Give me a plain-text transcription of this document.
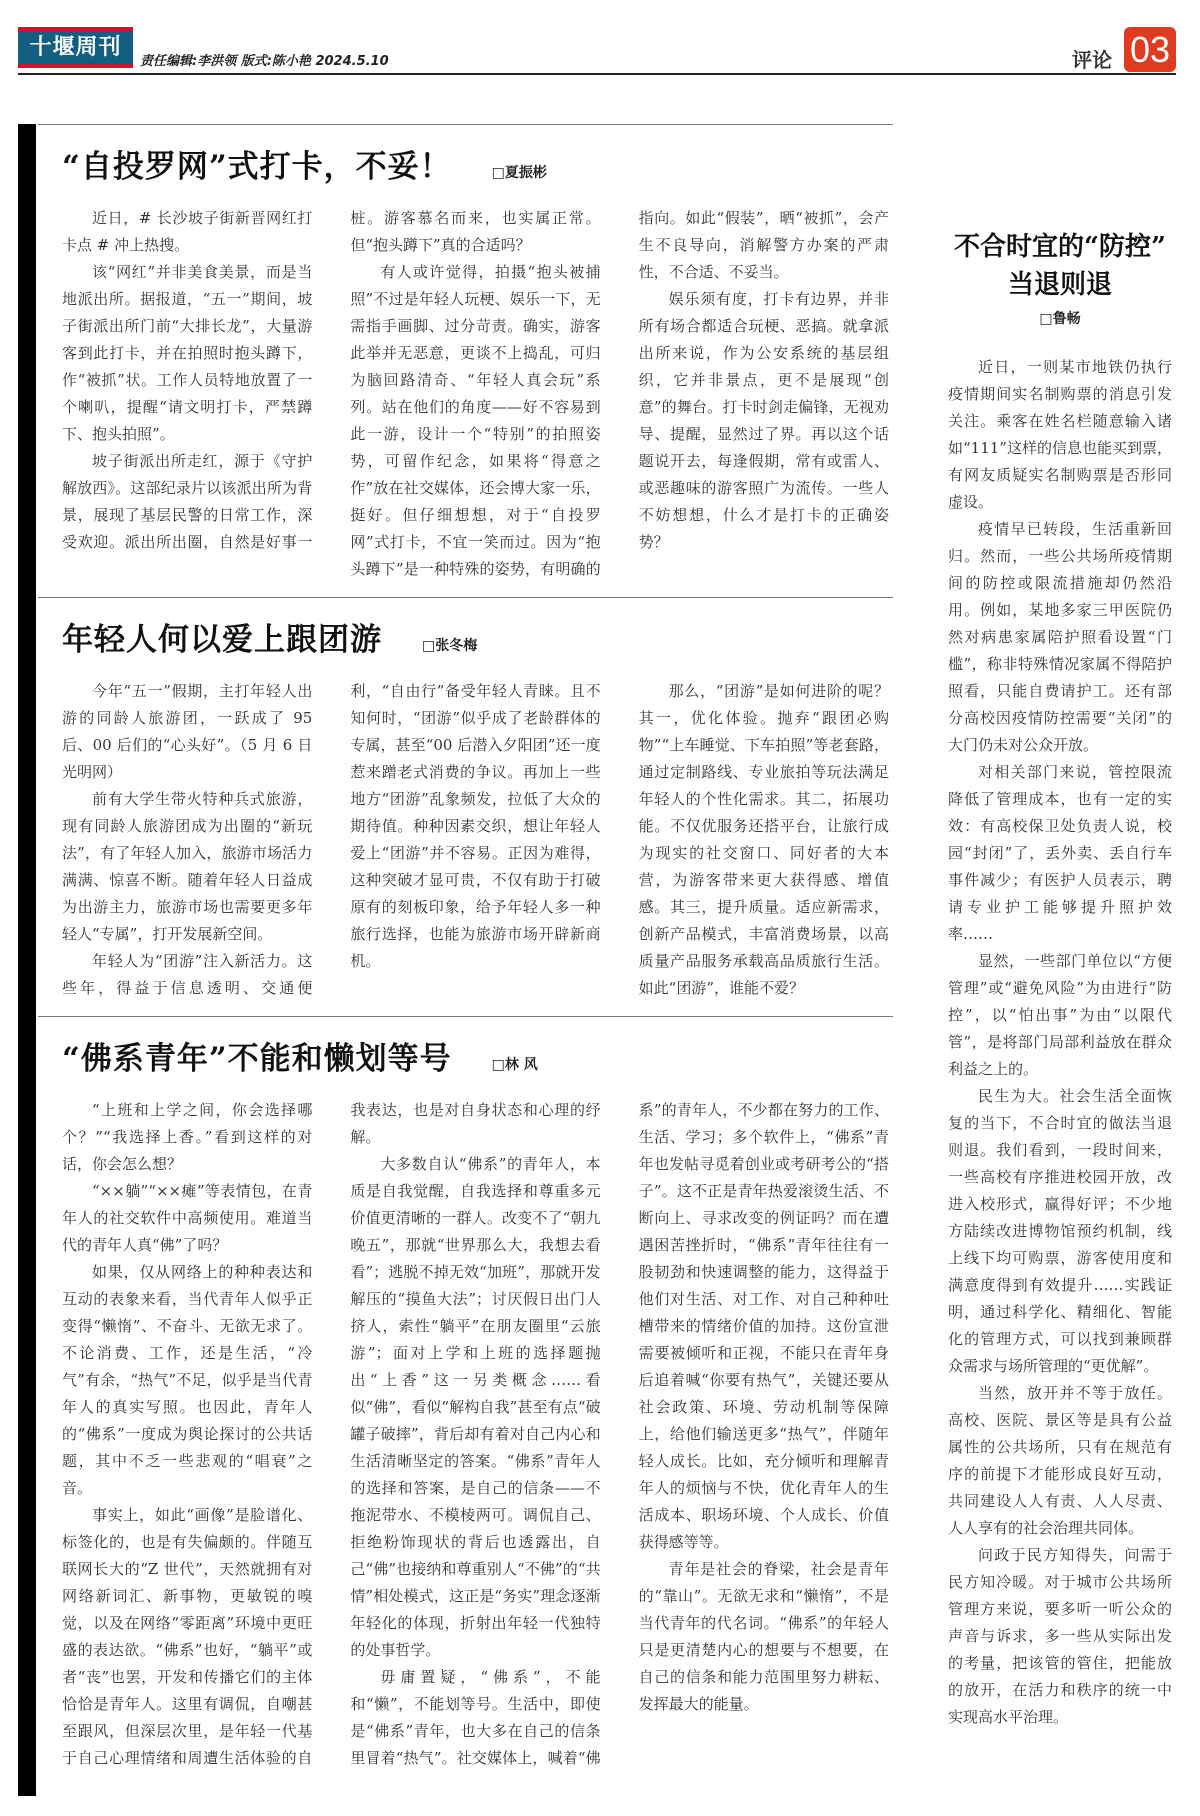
十堰周刊
责任编辑:李洪领 版式:陈小艳 2024.5.10	评论 03
“自投罗网”式打卡，不妥！	□夏振彬

近日，# 长沙坡子街新晋网红打卡点 # 冲上热搜。

该“网红”并非美食美景，而是当地派出所。据报道，“五一”期间，坡子街派出所门前“大排长龙”，大量游客到此打卡，并在拍照时抱头蹲下，作“被抓”状。工作人员特地放置了一个喇叭，提醒“请文明打卡，严禁蹲下、抱头拍照”。

坡子街派出所走红，源于《守护解放西》。这部纪录片以该派出所为背景，展现了基层民警的日常工作，深受欢迎。派出所出圈，自然是好事一桩。游客慕名而来，也实属正常。但“抱头蹲下”真的合适吗？

有人或许觉得，拍摄“抱头被捕照”不过是年轻人玩梗、娱乐一下，无需指手画脚、过分苛责。确实，游客此举并无恶意，更谈不上捣乱，可归为脑回路清奇、“年轻人真会玩”系列。站在他们的角度——好不容易到此一游，设计一个“特别”的拍照姿势，可留作纪念，如果将“得意之作”放在社交媒体，还会博大家一乐，挺好。但仔细想想，对于“自投罗网”式打卡，不宜一笑而过。因为“抱头蹲下”是一种特殊的姿势，有明确的指向。如此“假装”，晒“被抓”，会产生不良导向，消解警方办案的严肃性，不合适、不妥当。

娱乐须有度，打卡有边界，并非所有场合都适合玩梗、恶搞。就拿派出所来说，作为公安系统的基层组织，它并非景点，更不是展现“创意”的舞台。打卡时剑走偏锋，无视劝导、提醒，显然过了界。再以这个话题说开去，每逢假期，常有或雷人、或恶趣味的游客照广为流传。一些人不妨想想，什么才是打卡的正确姿势？

年轻人何以爱上跟团游	□张冬梅

今年“五一”假期，主打年轻人出游的同龄人旅游团，一跃成了 95 后、00 后们的“心头好”。（5 月 6 日光明网）

前有大学生带火特种兵式旅游，现有同龄人旅游团成为出圈的“新玩法”，有了年轻人加入，旅游市场活力满满、惊喜不断。随着年轻人日益成为出游主力，旅游市场也需要更多年轻人“专属”，打开发展新空间。

年轻人为“团游”注入新活力。这些年，得益于信息透明、交通便利，“自由行”备受年轻人青睐。且不知何时，“团游”似乎成了老龄群体的专属，甚至“00 后潜入夕阳团”还一度惹来蹭老式消费的争议。再加上一些地方“团游”乱象频发，拉低了大众的期待值。种种因素交织，想让年轻人爱上“团游”并不容易。正因为难得，这种突破才显可贵，不仅有助于打破原有的刻板印象，给予年轻人多一种旅行选择，也能为旅游市场开辟新商机。

那么，“团游”是如何进阶的呢？其一，优化体验。抛弃“跟团必购物”“上车睡觉、下车拍照”等老套路，通过定制路线、专业旅拍等玩法满足年轻人的个性化需求。其二，拓展功能。不仅优服务还搭平台，让旅行成为现实的社交窗口、同好者的大本营，为游客带来更大获得感、增值感。其三，提升质量。适应新需求，创新产品模式，丰富消费场景，以高质量产品服务承载高品质旅行生活。如此“团游”，谁能不爱？

“佛系青年”不能和懒划等号	□林 风

“上班和上学之间，你会选择哪个？”“我选择上香。”看到这样的对话，你会怎么想？

“××躺”“××瘫”等表情包，在青年人的社交软件中高频使用。难道当代的青年人真“佛”了吗？

如果，仅从网络上的种种表达和互动的表象来看，当代青年人似乎正变得“懒惰”、不奋斗、无欲无求了。不论消费、工作，还是生活，“冷气”有余，“热气”不足，似乎是当代青年人的真实写照。也因此，青年人的“佛系”一度成为舆论探讨的公共话题，其中不乏一些悲观的“唱衰”之音。

事实上，如此“画像”是脸谱化、标签化的，也是有失偏颇的。伴随互联网长大的“Z 世代”，天然就拥有对网络新词汇、新事物，更敏锐的嗅觉，以及在网络“零距离”环境中更旺盛的表达欲。“佛系”也好，“躺平”或者“丧”也罢，开发和传播它们的主体恰恰是青年人。这里有调侃，自嘲甚至跟风，但深层次里，是年轻一代基于自己心理情绪和周遭生活体验的自我表达，也是对自身状态和心理的纾解。

大多数自认“佛系”的青年人，本质是自我觉醒，自我选择和尊重多元价值更清晰的一群人。改变不了“朝九晚五”，那就“世界那么大，我想去看看”；逃脱不掉无效“加班”，那就开发解压的“摸鱼大法”；讨厌假日出门人挤人，索性“躺平”在朋友圈里“云旅游”；面对上学和上班的选择题抛出“上香”这一另类概念……看似“佛”，看似“解构自我”甚至有点“破罐子破摔”，背后却有着对自己内心和生活清晰坚定的答案。“佛系”青年人的选择和答案，是自己的信条——不拖泥带水、不模棱两可。调侃自己、拒绝粉饰现状的背后也透露出，自己“佛”也接纳和尊重别人“不佛”的“共情”相处模式，这正是“务实”理念逐渐年轻化的体现，折射出年轻一代独特的处事哲学。

毋庸置疑，“佛系”，不能和“懒”，不能划等号。生活中，即使是“佛系”青年，也大多在自己的信条里冒着“热气”。社交媒体上，喊着“佛系”的青年人，不少都在努力的工作、生活、学习；多个软件上，“佛系”青年也发帖寻觅着创业或考研考公的“搭子”。这不正是青年热爱滚烫生活、不断向上、寻求改变的例证吗？而在遭遇困苦挫折时，“佛系”青年往往有一股韧劲和快速调整的能力，这得益于他们对生活、对工作、对自己种种吐槽带来的情绪价值的加持。这份宣泄需要被倾听和正视，不能只在青年身后追着喊“你要有热气”，关键还要从社会政策、环境、劳动机制等保障上，给他们输送更多“热气”，伴随年轻人成长。比如，充分倾听和理解青年人的烦恼与不快，优化青年人的生活成本、职场环境、个人成长、价值获得感等等。

青年是社会的脊梁，社会是青年的“靠山”。无欲无求和“懒惰”，不是当代青年的代名词。“佛系”的年轻人只是更清楚内心的想要与不想要，在自己的信条和能力范围里努力耕耘、发挥最大的能量。

不合时宜的“防控”
当退则退
□鲁畅

近日，一则某市地铁仍执行疫情期间实名制购票的消息引发关注。乘客在姓名栏随意输入诸如“111”这样的信息也能买到票，有网友质疑实名制购票是否形同虚设。

疫情早已转段，生活重新回归。然而，一些公共场所疫情期间的防控或限流措施却仍然沿用。例如，某地多家三甲医院仍然对病患家属陪护照看设置“门槛”，称非特殊情况家属不得陪护照看，只能自费请护工。还有部分高校因疫情防控需要“关闭”的大门仍未对公众开放。

对相关部门来说，管控限流降低了管理成本，也有一定的实效：有高校保卫处负责人说，校园“封闭”了，丢外卖、丢自行车事件减少；有医护人员表示，聘请专业护工能够提升照护效率……

显然，一些部门单位以“方便管理”或“避免风险”为由进行“防控”，以“怕出事”为由“以限代管”，是将部门局部利益放在群众利益之上的。

民生为大。社会生活全面恢复的当下，不合时宜的做法当退则退。我们看到，一段时间来，一些高校有序推进校园开放，改进入校形式，赢得好评；不少地方陆续改进博物馆预约机制，线上线下均可购票，游客使用度和满意度得到有效提升……实践证明，通过科学化、精细化、智能化的管理方式，可以找到兼顾群众需求与场所管理的“更优解”。

当然，放开并不等于放任。高校、医院、景区等是具有公益属性的公共场所，只有在规范有序的前提下才能形成良好互动，共同建设人人有责、人人尽责、人人享有的社会治理共同体。

问政于民方知得失，问需于民方知冷暖。对于城市公共场所管理方来说，要多听一听公众的声音与诉求，多一些从实际出发的考量，把该管的管住，把能放的放开，在活力和秩序的统一中实现高水平治理。
